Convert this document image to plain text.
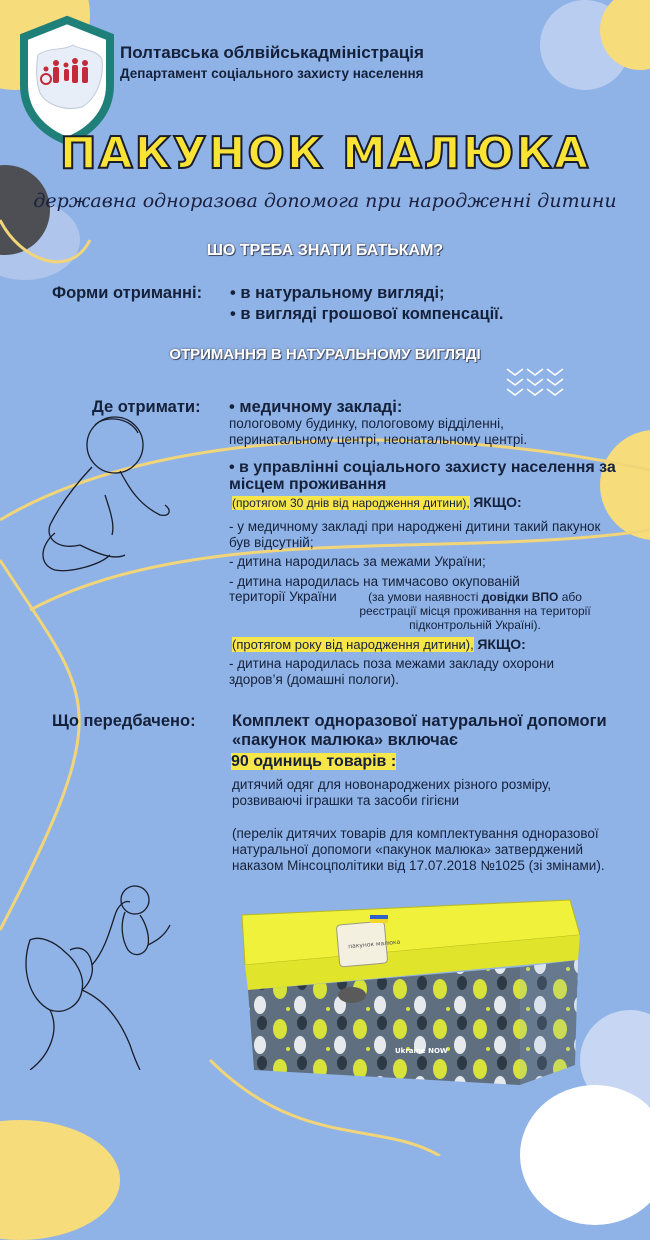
Полтавська облвійськадміністрація
Департамент соціального захисту населення
ПАКУНОК МАЛЮКА
державна одноразова допомога при народженні дитини
ШО ТРЕБА ЗНАТИ БАТЬКАМ?
Форми отриманні: • в натуральному вигляді;
• в вигляді грошової компенсації.
ОТРИМАННЯ В НАТУРАЛЬНОМУ ВИГЛЯДІ
Де отримати: • медичному закладі:
пологовому будинку, пологовому відділенні, перинатальному центрі, неонатальному центрі.
• в управлінні соціального захисту населення за місцем проживання
(протягом 30 днів від народження дитини), ЯКЩО:
- у медичному закладі при народжені дитини такий пакунок був відсутній;
- дитина народилась за межами України;
- дитина народилась на тимчасово окупованій
території України	(за умови наявності довідки ВПО або реєстрації місця проживання на території підконтрольній Україні).
(протягом року від народження дитини), ЯКЩО:
- дитина народилась поза межами закладу охорони здоров’я (домашні пологи).
Що передбачено: Комплект одноразової натуральної допомоги «пакунок малюка» включає
90 одиниць товарів :
дитячий одяг для новонароджених різного розміру, розвиваючі іграшки та засоби гігієни
(перелік дитячих товарів для комплектування одноразової натуральної допомоги «пакунок малюка» затверджений наказом Мінсоцполітики від 17.07.2018 №1025 (зі змінами).
пакунок малюка
Ukraine NOW
